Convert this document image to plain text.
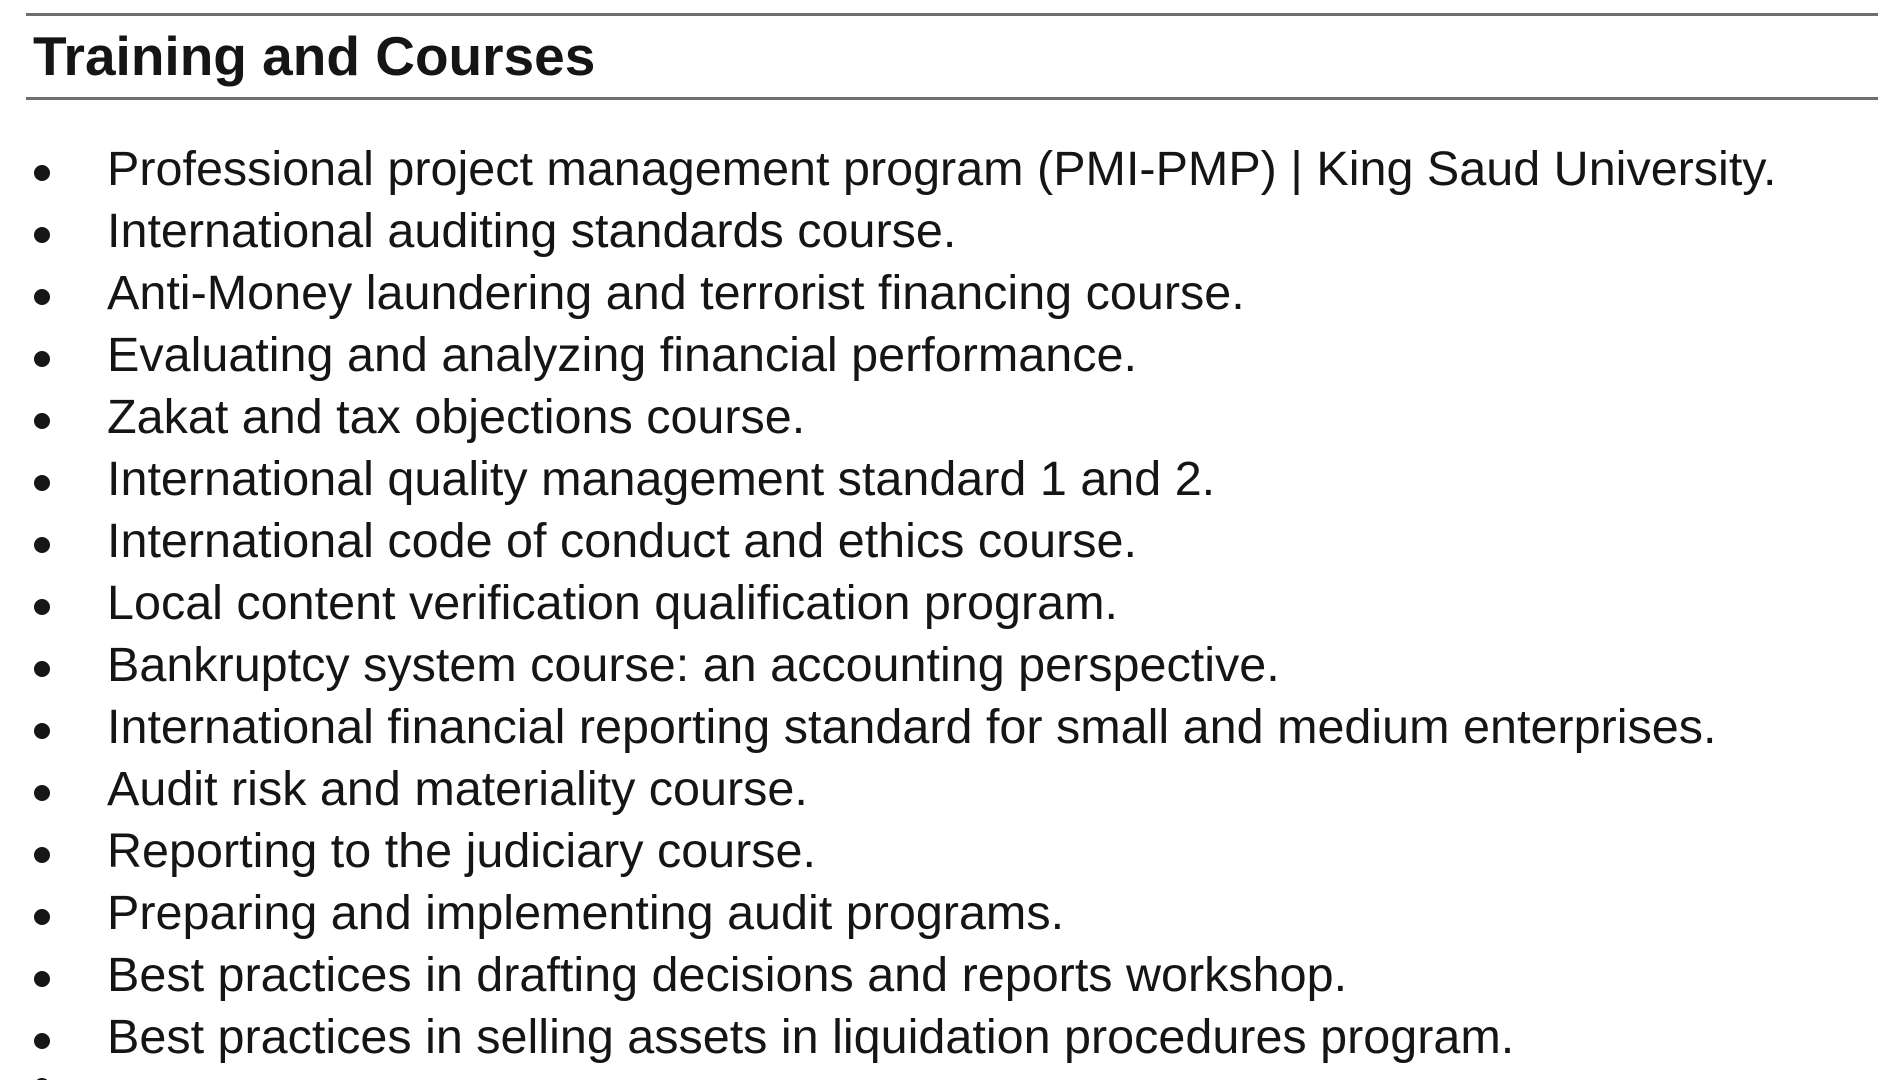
Training and Courses
Professional project management program (PMI-PMP) | King Saud University.
International auditing standards course.
Anti-Money laundering and terrorist financing course.
Evaluating and analyzing financial performance.
Zakat and tax objections course.
International quality management standard 1 and 2.
International code of conduct and ethics course.
Local content verification qualification program.
Bankruptcy system course: an accounting perspective.
International financial reporting standard for small and medium enterprises.
Audit risk and materiality course.
Reporting to the judiciary course.
Preparing and implementing audit programs.
Best practices in drafting decisions and reports workshop.
Best practices in selling assets in liquidation procedures program.
